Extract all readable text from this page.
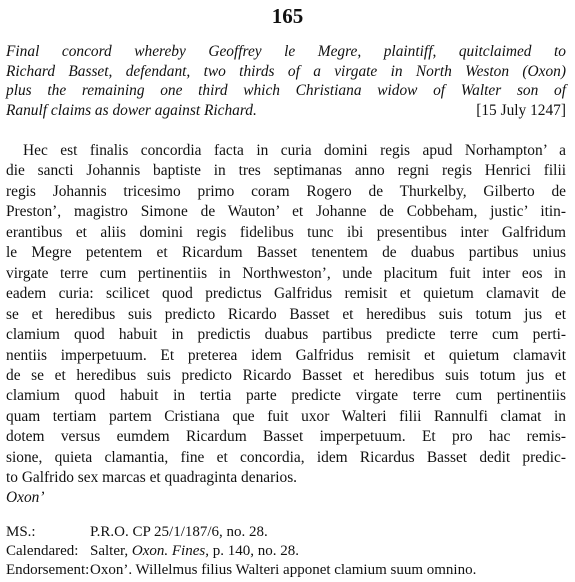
165
Final concord whereby Geoffrey le Megre, plaintiff, quitclaimed to
Richard Basset, defendant, two thirds of a virgate in North Weston (Oxon)
plus the remaining one third which Christiana widow of Walter son of
Ranulf claims as dower against Richard.	[15 July 1247]
Hec est finalis concordia facta in curia domini regis apud Norhampton’ a
die sancti Johannis baptiste in tres septimanas anno regni regis Henrici filii
regis Johannis tricesimo primo coram Rogero de Thurkelby, Gilberto de
Preston’, magistro Simone de Wauton’ et Johanne de Cobbeham, justic’ itin-
erantibus et aliis domini regis fidelibus tunc ibi presentibus inter Galfridum
le Megre petentem et Ricardum Basset tenentem de duabus partibus unius
virgate terre cum pertinentiis in Northweston’, unde placitum fuit inter eos in
eadem curia: scilicet quod predictus Galfridus remisit et quietum clamavit de
se et heredibus suis predicto Ricardo Basset et heredibus suis totum jus et
clamium quod habuit in predictis duabus partibus predicte terre cum perti-
nentiis imperpetuum. Et preterea idem Galfridus remisit et quietum clamavit
de se et heredibus suis predicto Ricardo Basset et heredibus suis totum jus et
clamium quod habuit in tertia parte predicte virgate terre cum pertinentiis
quam tertiam partem Cristiana que fuit uxor Walteri filii Rannulfi clamat in
dotem versus eumdem Ricardum Basset imperpetuum. Et pro hac remis-
sione, quieta clamantia, fine et concordia, idem Ricardus Basset dedit predic-
to Galfrido sex marcas et quadraginta denarios.
Oxon’
MS.:	P.R.O. CP 25/1/187/6, no. 28.
Calendared: Salter, Oxon. Fines, p. 140, no. 28.
Endorsement: Oxon’. Willelmus filius Walteri apponet clamium suum omnino.
